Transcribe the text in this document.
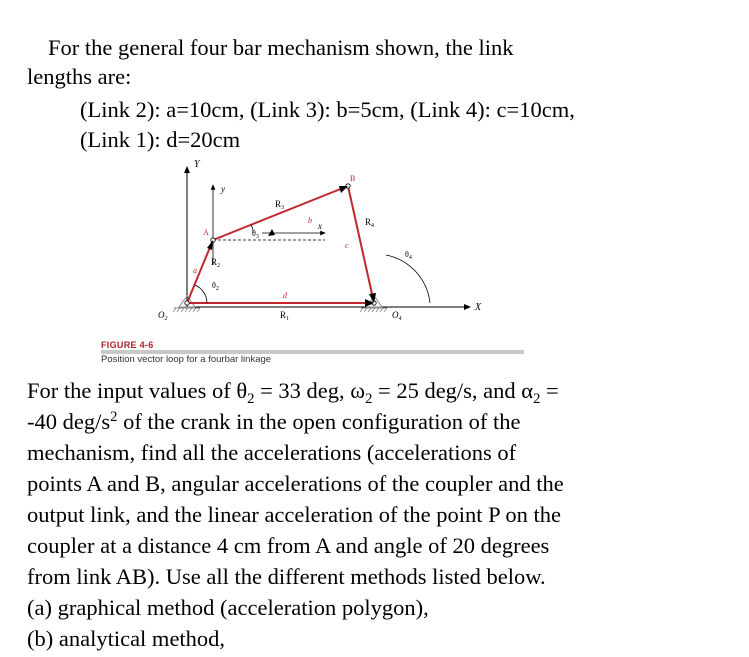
For the general four bar mechanism shown, the link
lengths are:
(Link 2): a=10cm, (Link 3): b=5cm, (Link 4): c=10cm,
(Link 1): d=20cm
Y
X
y
x
A
B
a
b
c
d
$R_3$
$R_4$
$R_2$
$R_1$
$\theta_2$
$\theta_3$
$\theta_4$
$O_2$	$O_4$
FIGURE 4-6
Position vector loop for a fourbar linkage
For the input values of $\theta_2 = 33$ deg, $\omega_2 = 25$ deg/s, and $\alpha_2$ =
-40 deg/$s^2$ of the crank in the open configuration of the
mechanism, find all the accelerations (accelerations of
points A and B, angular accelerations of the coupler and the
output link, and the linear acceleration of the point P on the
coupler at a distance 4 cm from A and angle of 20 degrees
from link AB). Use all the different methods listed below.
(a) graphical method (acceleration polygon),
(b) analytical method,
